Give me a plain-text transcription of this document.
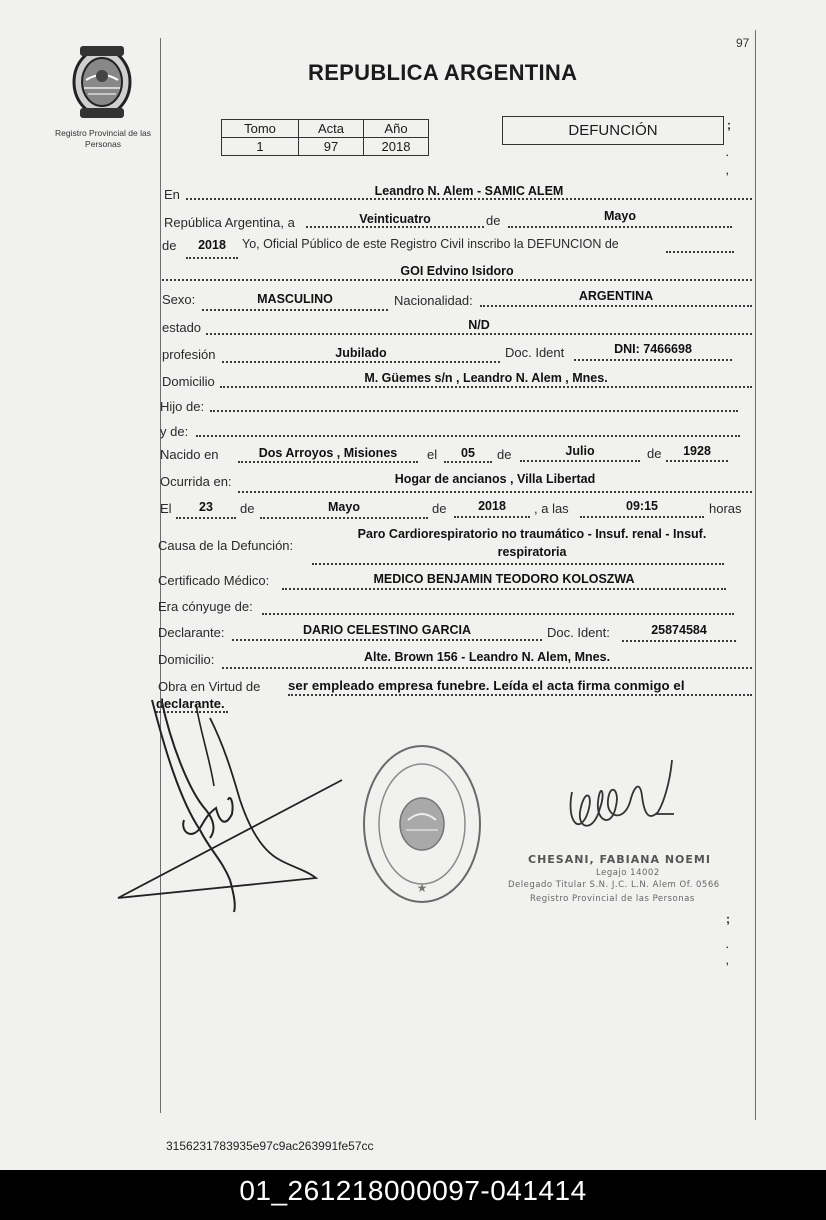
97
Registro Provincial de las Personas
REPUBLICA ARGENTINA
Tomo	Acta	Año
1	97	2018
DEFUNCIÓN	;
.
,
En	Leandro N. Alem - SAMIC ALEM
República Argentina, a	Veinticuatro	de	Mayo
de	2018	Yo, Oficial Público de este Registro Civil inscribo la DEFUNCION de
GOI Edvino Isidoro
Sexo:	MASCULINO	Nacionalidad:	ARGENTINA
estado	N/D
profesión	Jubilado	Doc. Ident	DNI: 7466698
Domicilio	M. Güemes s/n , Leandro N. Alem , Mnes.
Hijo de:
y de:
Nacido en	Dos Arroyos , Misiones	el	05	de	Julio	de	1928
Ocurrida en:	Hogar de ancianos , Villa Libertad
El	23	de	Mayo	de	2018	, a las	09:15	horas
Causa de la Defunción:
Paro Cardiorespiratorio no traumático - Insuf. renal - Insuf.
respiratoria
Certificado Médico:	MEDICO BENJAMIN TEODORO KOLOSZWA
Era cónyuge de:
Declarante:	DARIO CELESTINO GARCIA	Doc. Ident:	25874584
Domicilio:	Alte. Brown 156 - Leandro N. Alem, Mnes.
Obra en Virtud de ser empleado empresa funebre. Leída el acta firma conmigo el
declarante.
★
CHESANI, FABIANA NOEMI
Legajo 14002
Delegado Titular S.N. J.C. L.N. Alem Of. 0566
Registro Provincial de las Personas
;
.
,
3156231783935e97c9ac263991fe57cc
01_261218000097-041414
